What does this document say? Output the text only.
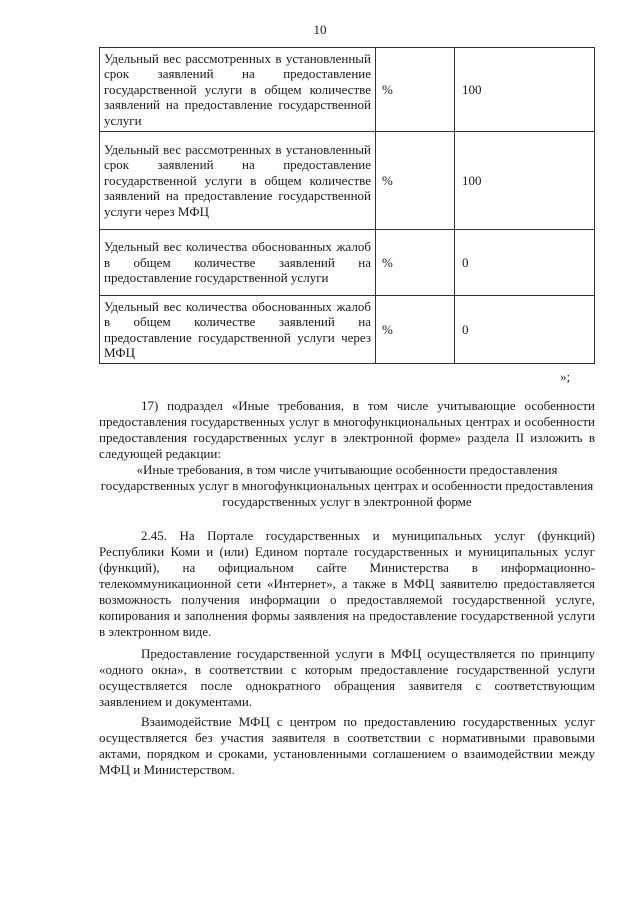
10
Удельный вес рассмотренных в установленный срок заявлений на предоставление государственной услуги в общем количестве заявлений на предоставление государственной услуги	%	100
Удельный вес рассмотренных в установленный срок заявлений на предоставление государственной услуги в общем количестве заявлений на предоставление государственной услуги через МФЦ	%	100
Удельный вес количества обоснованных жалоб в общем количестве заявлений на предоставление государственной услуги	%	0
Удельный вес количества обоснованных жалоб в общем количестве заявлений на предоставление государственной услуги через МФЦ	%	0
»;

17) подраздел «Иные требования, в том числе учитывающие особенности предоставления государственных услуг в многофункциональных центрах и особенности предоставления государственных услуг в электронной форме» раздела II изложить в следующей редакции:

«Иные требования, в том числе учитывающие особенности предоставления государственных услуг в многофункциональных центрах и особенности предоставления государственных услуг в электронной форме

2.45. На Портале государственных и муниципальных услуг (функций) Республики Коми и (или) Едином портале государственных и муниципальных услуг (функций), на официальном сайте Министерства в информационно-телекоммуникационной сети «Интернет», а также в МФЦ заявителю предоставляется возможность получения информации о предоставляемой государственной услуге, копирования и заполнения формы заявления на предоставление государственной услуги в электронном виде.

Предоставление государственной услуги в МФЦ осуществляется по принципу «одного окна», в соответствии с которым предоставление государственной услуги осуществляется после однократного обращения заявителя с соответствующим заявлением и документами.

Взаимодействие МФЦ с центром по предоставлению государственных услуг осуществляется без участия заявителя в соответствии с нормативными правовыми актами, порядком и сроками, установленными соглашением о взаимодействии между МФЦ и Министерством.
